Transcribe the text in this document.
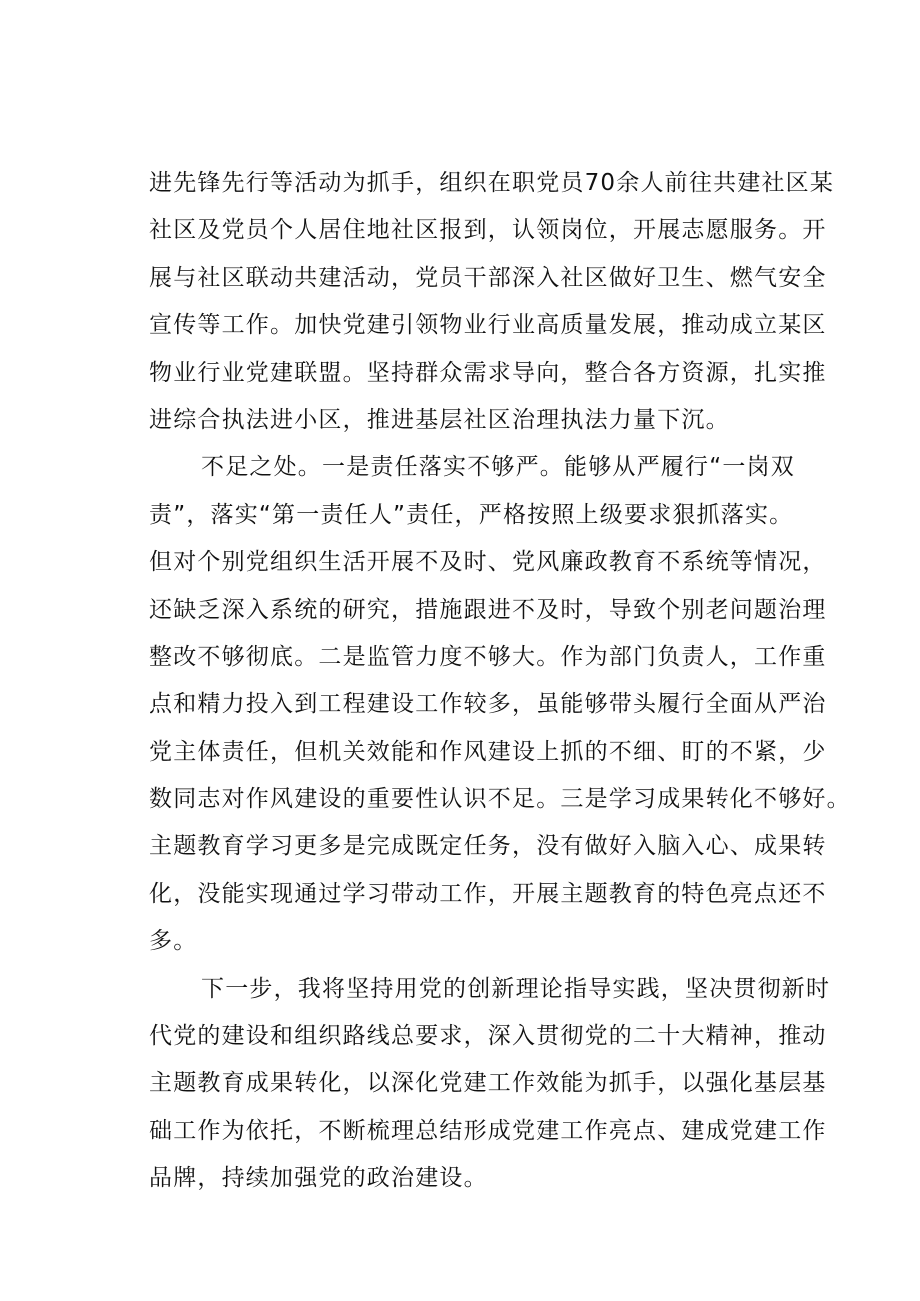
进先锋先行等活动为抓手，组织在职党员70余人前往共建社区某
社区及党员个人居住地社区报到，认领岗位，开展志愿服务。开
展与社区联动共建活动，党员干部深入社区做好卫生、燃气安全
宣传等工作。加快党建引领物业行业高质量发展，推动成立某区
物业行业党建联盟。坚持群众需求导向，整合各方资源，扎实推
进综合执法进小区，推进基层社区治理执法力量下沉。
不足之处。一是责任落实不够严。能够从严履行“一岗双
责”，落实“第一责任人”责任，严格按照上级要求狠抓落实。
但对个别党组织生活开展不及时、党风廉政教育不系统等情况，
还缺乏深入系统的研究，措施跟进不及时，导致个别老问题治理
整改不够彻底。二是监管力度不够大。作为部门负责人，工作重
点和精力投入到工程建设工作较多，虽能够带头履行全面从严治
党主体责任，但机关效能和作风建设上抓的不细、盯的不紧，少
数同志对作风建设的重要性认识不足。三是学习成果转化不够好。
主题教育学习更多是完成既定任务，没有做好入脑入心、成果转
化，没能实现通过学习带动工作，开展主题教育的特色亮点还不
多。
下一步，我将坚持用党的创新理论指导实践，坚决贯彻新时
代党的建设和组织路线总要求，深入贯彻党的二十大精神，推动
主题教育成果转化，以深化党建工作效能为抓手，以强化基层基
础工作为依托，不断梳理总结形成党建工作亮点、建成党建工作
品牌，持续加强党的政治建设。
